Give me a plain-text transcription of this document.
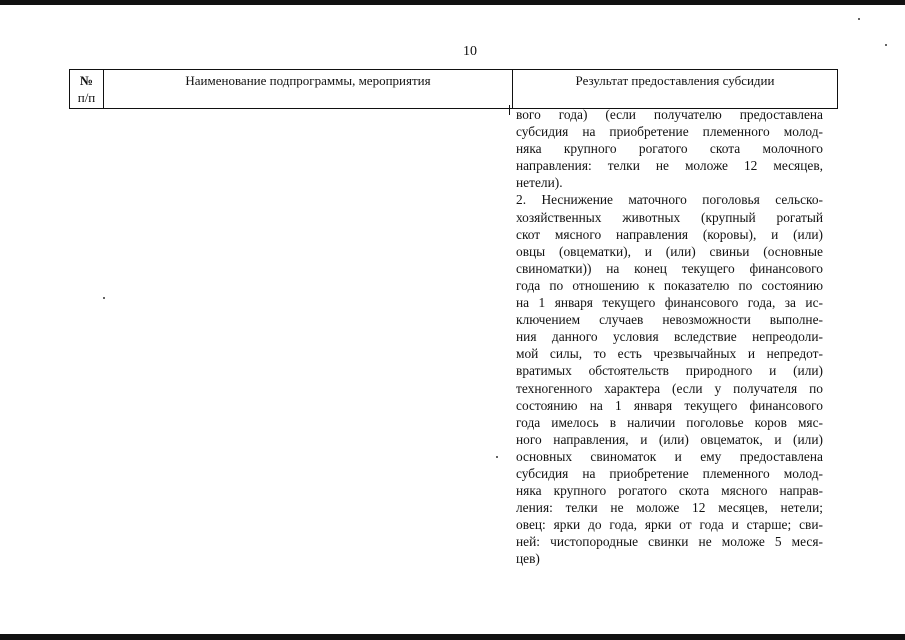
10
№
п/п
	Наименование подпрограммы, мероприятия	Результат предоставления субсидии
вого года) (если получателю предоставлена
субсидия на приобретение племенного молод-
няка крупного рогатого скота молочного
направления: телки не моложе 12 месяцев,
нетели).
2. Неснижение маточного поголовья сельско-
хозяйственных животных (крупный рогатый
скот мясного направления (коровы), и (или)
овцы (овцематки), и (или) свиньи (основные
свиноматки)) на конец текущего финансового
года по отношению к показателю по состоянию
на 1 января текущего финансового года, за ис-
ключением случаев невозможности выполне-
ния данного условия вследствие непреодоли-
мой силы, то есть чрезвычайных и непредот-
вратимых обстоятельств природного и (или)
техногенного характера (если у получателя по
состоянию на 1 января текущего финансового
года имелось в наличии поголовье коров мяс-
ного направления, и (или) овцематок, и (или)
основных свиноматок и ему предоставлена
субсидия на приобретение племенного молод-
няка крупного рогатого скота мясного направ-
ления: телки не моложе 12 месяцев, нетели;
овец: ярки до года, ярки от года и старше; сви-
ней: чистопородные свинки не моложе 5 меся-
цев)
